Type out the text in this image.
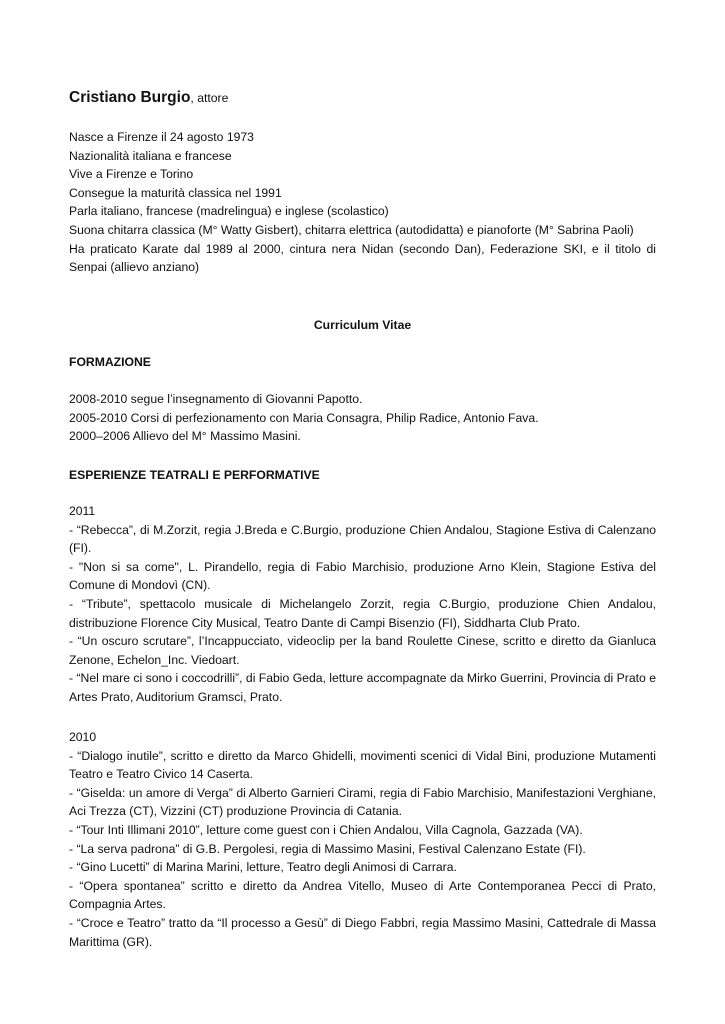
Cristiano Burgio, attore
Nasce a Firenze il 24 agosto 1973
Nazionalità italiana e francese
Vive a Firenze e Torino
Consegue la maturità classica nel 1991
Parla italiano, francese (madrelingua) e inglese (scolastico)
Suona chitarra classica (M° Watty Gisbert), chitarra elettrica (autodidatta) e pianoforte (M° Sabrina Paoli)
Ha praticato Karate dal 1989 al 2000, cintura nera Nidan (secondo Dan), Federazione SKI, e il titolo di Senpai (allievo anziano)
Curriculum Vitae
FORMAZIONE
2008-2010 segue l’insegnamento di Giovanni Papotto.
2005-2010 Corsi di perfezionamento con Maria Consagra, Philip Radice, Antonio Fava.
2000–2006 Allievo del M° Massimo Masini.
ESPERIENZE TEATRALI E PERFORMATIVE
2011
- “Rebecca”, di M.Zorzit, regia J.Breda e C.Burgio, produzione Chien Andalou, Stagione Estiva di Calenzano (FI).
- "Non si sa come", L. Pirandello, regia di Fabio Marchisio, produzione Arno Klein, Stagione Estiva del Comune di Mondovì (CN).
- “Tribute”, spettacolo musicale di Michelangelo Zorzit, regia C.Burgio, produzione Chien Andalou, distribuzione Florence City Musical, Teatro Dante di Campi Bisenzio (FI), Siddharta Club Prato.
- “Un oscuro scrutare”, l’Incappucciato, videoclip per la band Roulette Cinese, scritto e diretto da Gianluca Zenone, Echelon_Inc. Viedoart.
- “Nel mare ci sono i coccodrilli”, di Fabio Geda, letture accompagnate da Mirko Guerrini, Provincia di Prato e Artes Prato, Auditorium Gramsci, Prato.
2010
- “Dialogo inutile”, scritto e diretto da Marco Ghidelli, movimenti scenici di Vidal Bini, produzione Mutamenti Teatro e Teatro Civico 14 Caserta.
- “Giselda: un amore di Verga” di Alberto Garnieri Cirami, regia di Fabio Marchisio, Manifestazioni Verghiane, Aci Trezza (CT), Vizzini (CT) produzione Provincia di Catania.
- “Tour Inti Illimani 2010”, letture come guest con i Chien Andalou, Villa Cagnola, Gazzada (VA).
- “La serva padrona” di G.B. Pergolesi, regia di Massimo Masini, Festival Calenzano Estate (FI).
- “Gino Lucetti” di Marina Marini, letture, Teatro degli Animosi di Carrara.
- “Opera spontanea” scritto e diretto da Andrea Vitello, Museo di Arte Contemporanea Pecci di Prato, Compagnia Artes.
- “Croce e Teatro” tratto da “Il processo a Gesù” di Diego Fabbri, regia Massimo Masini, Cattedrale di Massa Marittima (GR).
